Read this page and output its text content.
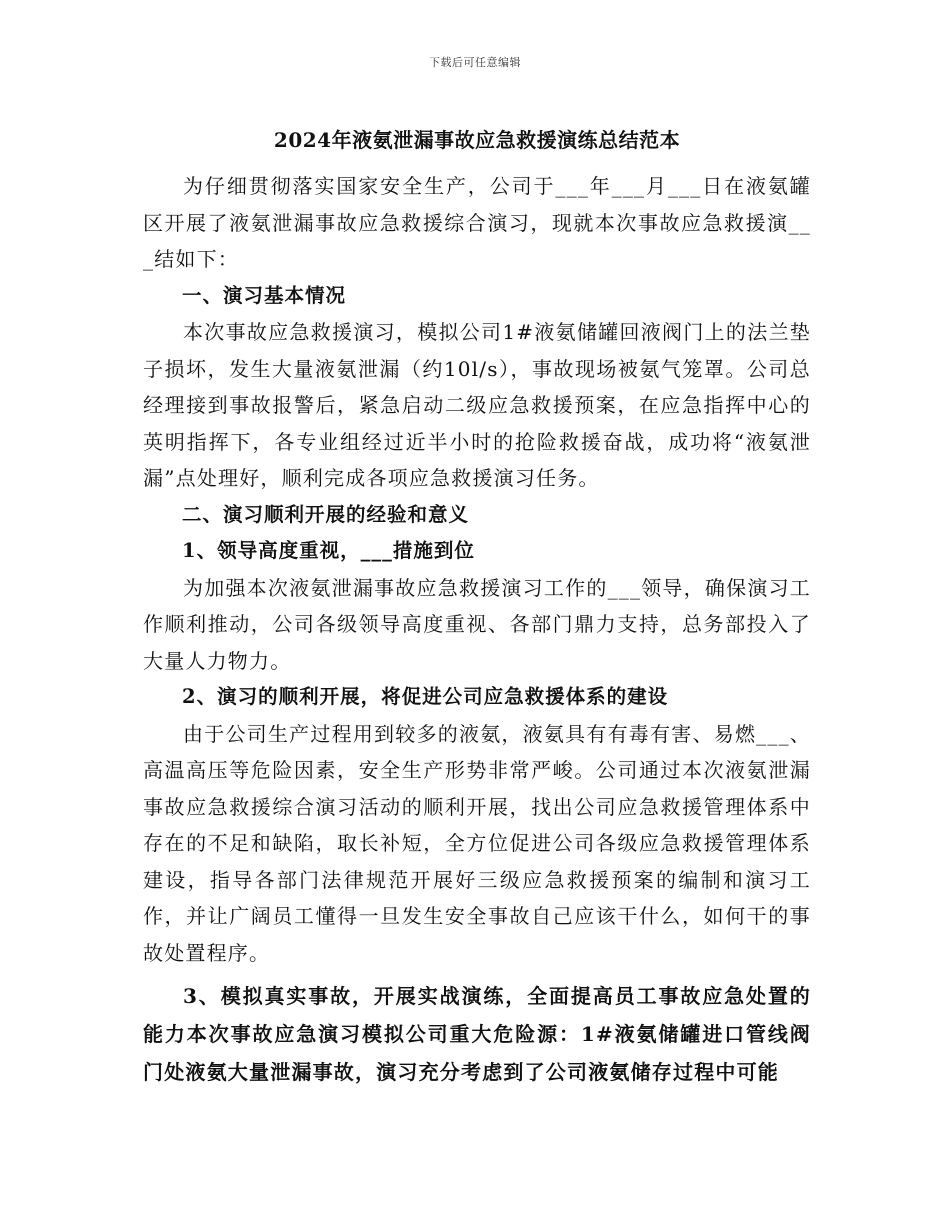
下载后可任意编辑
2024年液氨泄漏事故应急救援演练总结范本

为仔细贯彻落实国家安全生产，公司于___年___月___日在液氨罐区开展了液氨泄漏事故应急救援综合演习，现就本次事故应急救援演___结如下：

一、演习基本情况

本次事故应急救援演习，模拟公司1#液氨储罐回液阀门上的法兰垫子损坏，发生大量液氨泄漏（约10l/s），事故现场被氨气笼罩。公司总经理接到事故报警后，紧急启动二级应急救援预案，在应急指挥中心的英明指挥下，各专业组经过近半小时的抢险救援奋战，成功将“液氨泄漏”点处理好，顺利完成各项应急救援演习任务。

二、演习顺利开展的经验和意义

1、领导高度重视，___措施到位

为加强本次液氨泄漏事故应急救援演习工作的___领导，确保演习工作顺利推动，公司各级领导高度重视、各部门鼎力支持，总务部投入了大量人力物力。

2、演习的顺利开展，将促进公司应急救援体系的建设

由于公司生产过程用到较多的液氨，液氨具有有毒有害、易燃___、高温高压等危险因素，安全生产形势非常严峻。公司通过本次液氨泄漏事故应急救援综合演习活动的顺利开展，找出公司应急救援管理体系中存在的不足和缺陷，取长补短，全方位促进公司各级应急救援管理体系建设，指导各部门法律规范开展好三级应急救援预案的编制和演习工作，并让广阔员工懂得一旦发生安全事故自己应该干什么，如何干的事故处置程序。

3、模拟真实事故，开展实战演练，全面提高员工事故应急处置的能力本次事故应急演习模拟公司重大危险源：1#液氨储罐进口管线阀门处液氨大量泄漏事故，演习充分考虑到了公司液氨储存过程中可能
